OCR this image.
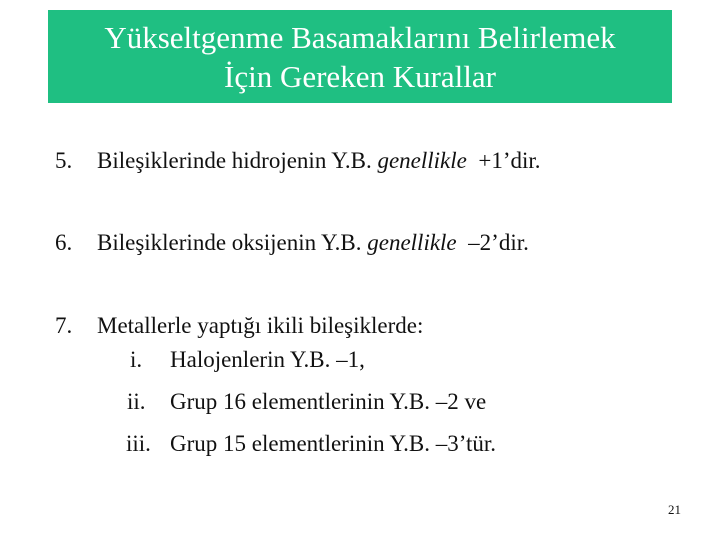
Yükseltgenme Basamaklarını Belirlemek
İçin Gereken Kurallar
5. Bileşiklerinde hidrojenin Y.B. genellikle +1’dir.
6. Bileşiklerinde oksijenin Y.B. genellikle –2’dir.
7. Metallerle yaptığı ikili bileşiklerde:
i. Halojenlerin Y.B. –1,
ii. Grup 16 elementlerinin Y.B. –2 ve
iii. Grup 15 elementlerinin Y.B. –3’tür.
21
